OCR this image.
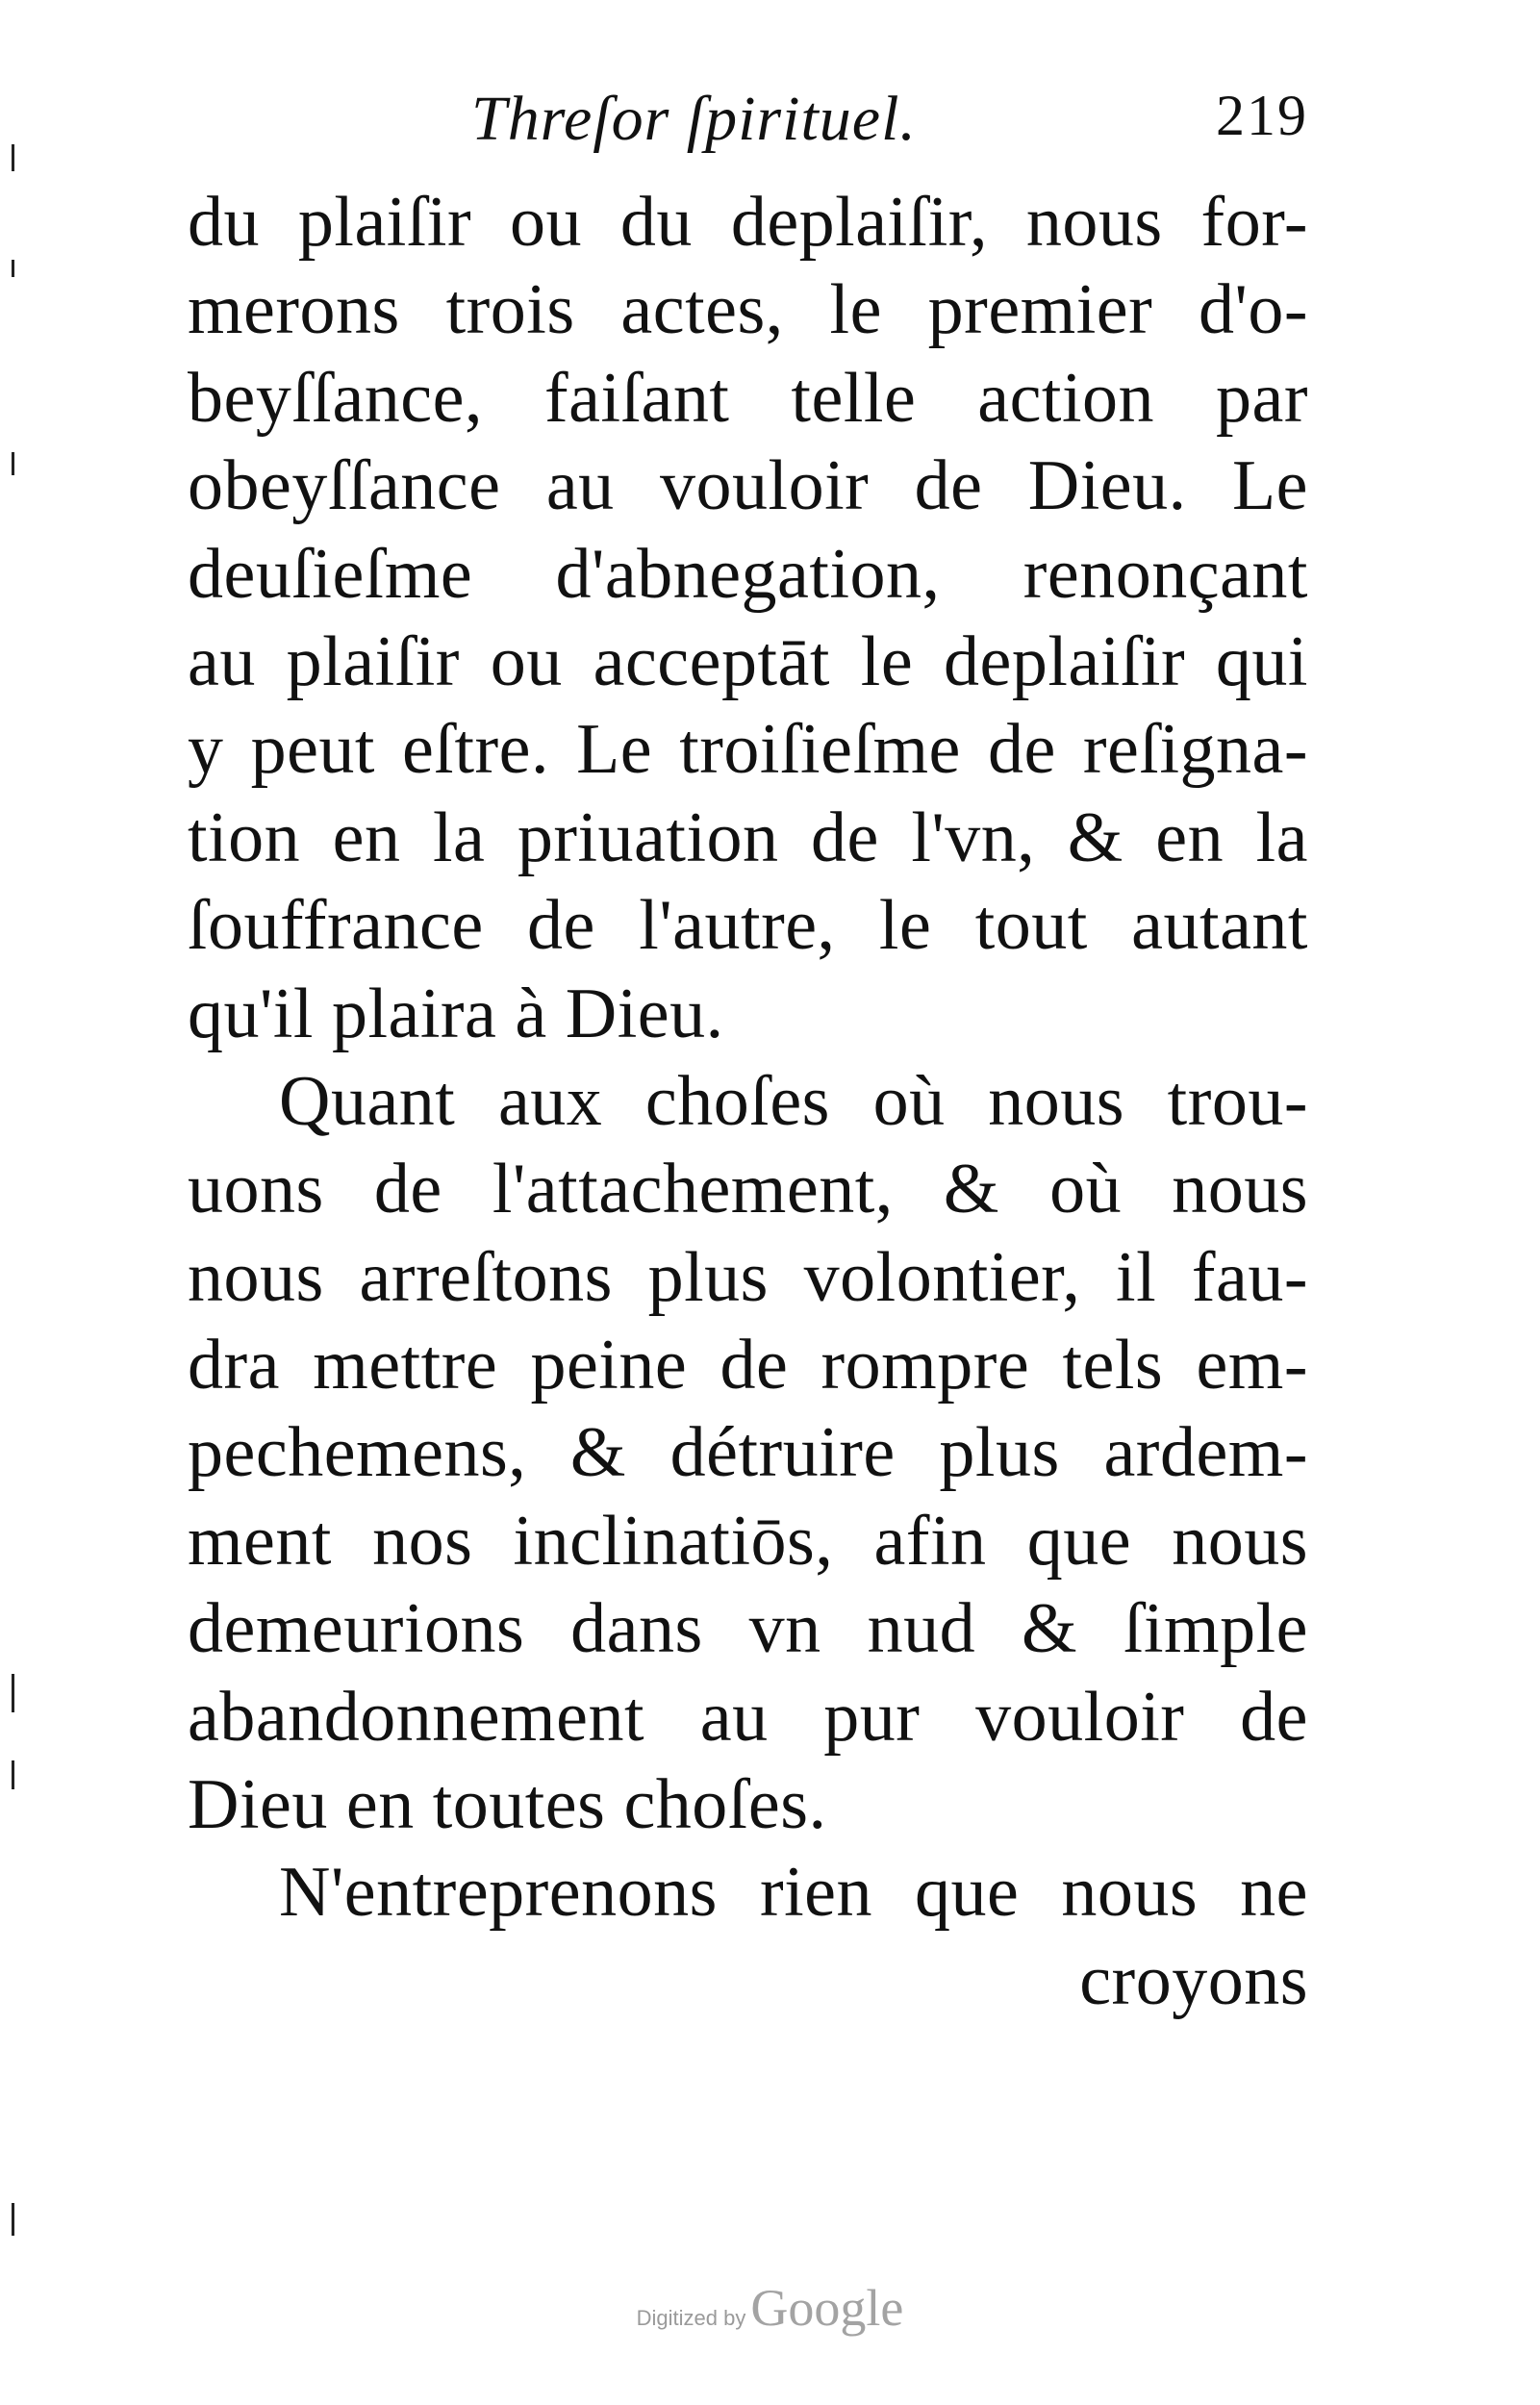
Threſor ſpirituel.	219
du plaiſir ou du deplaiſir, nous for-
merons trois actes, le premier d'o-
beyſſance, faiſant telle action par
obeyſſance au vouloir de Dieu. Le
deuſieſme d'abnegation, renonçant
au plaiſir ou acceptāt le deplaiſir qui
y peut eſtre. Le troiſieſme de reſigna-
tion en la priuation de l'vn, & en la
ſouffrance de l'autre, le tout autant
qu'il plaira à Dieu.
Quant aux choſes où nous trou-
uons de l'attachement, & où nous
nous arreſtons plus volontier, il fau-
dra mettre peine de rompre tels em-
pechemens, & détruire plus ardem-
ment nos inclinatiōs, afin que nous
demeurions dans vn nud & ſimple
abandonnement au pur vouloir de
Dieu en toutes choſes.
N'entreprenons rien que nous ne
croyons
Digitized by Google
